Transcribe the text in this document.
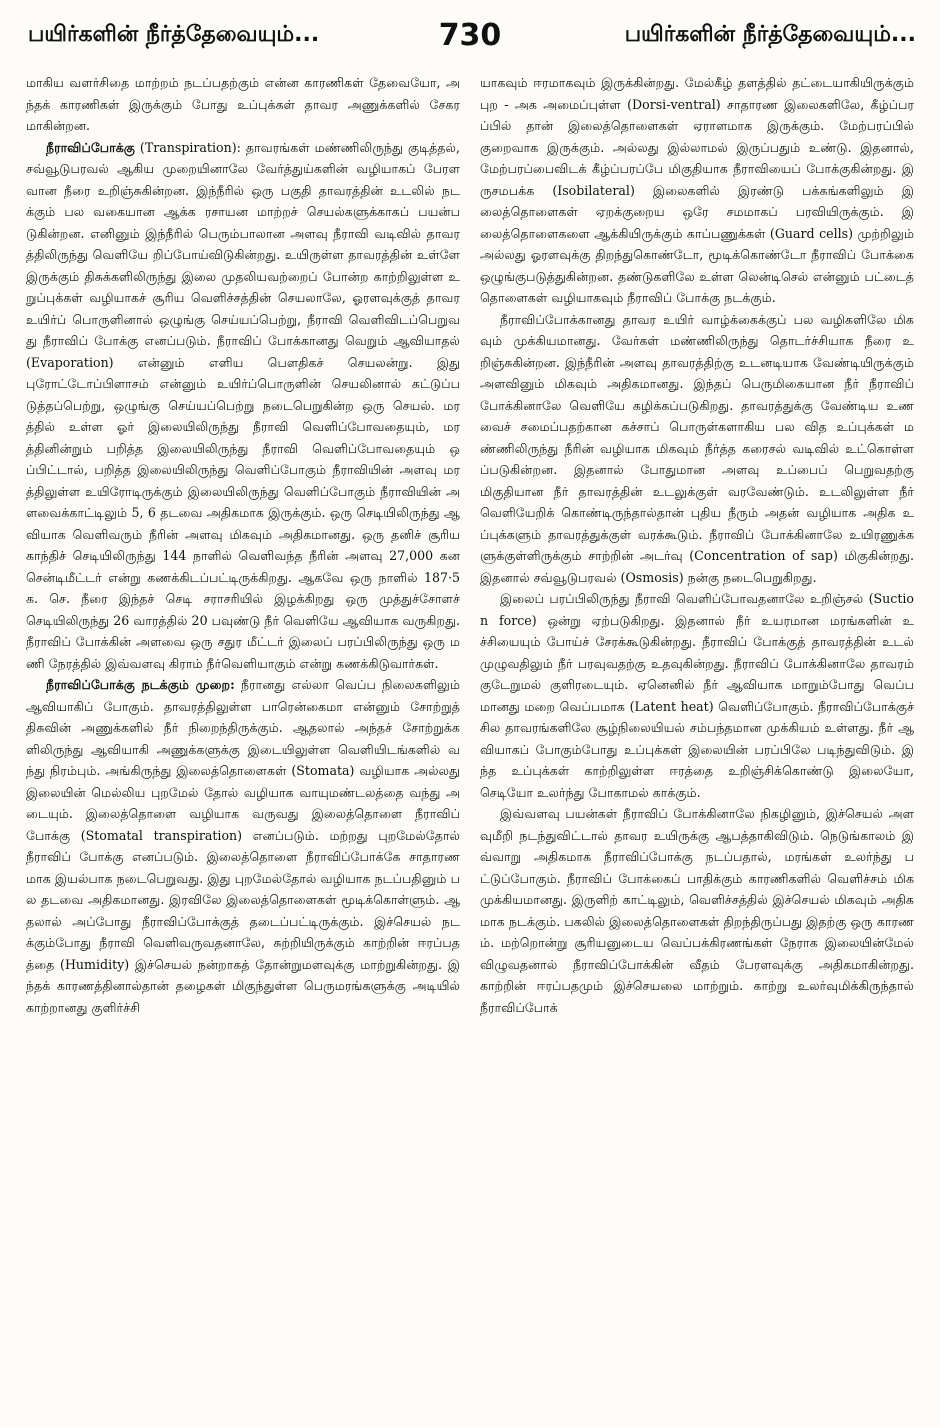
பயிர்களின் நீர்த்தேவையும்...	730	பயிர்களின் நீர்த்தேவையும்...

மாகிய வளர்சிதை மாற்றம் நடப்பதற்கும் என்ன காரணிகள் தேவையோ, அந்தக் காரணிகள் இருக்கும் போது உப்புக்கள் தாவர அணுக்களில் சேகரமாகின்றன.

நீராவிப்போக்கு (Transpiration): தாவரங்கள் மண்ணிலிருந்து குடித்தல், சவ்வூடுபரவல் ஆகிய முறையினாலே வேர்த்துய்களின் வழியாகப் பேரளவான நீரை உறிஞ்சுகின்றன. இந்நீரில் ஒரு பகுதி தாவரத்தின் உடலில் நடக்கும் பல வகையான ஆக்க ரசாயன மாற்றச் செயல்களுக்காகப் பயன்படுகின்றன. எனினும் இந்நீரில் பெரும்பாலான அளவு நீராவி வடிவில் தாவரத்திலிருந்து வெளியே றிப்போய்விடுகின்றது. உயிருள்ள தாவரத்தின் உள்ளே இருக்கும் திசுக்களிலிருந்து இலை முதலியவற்றைப் போன்ற காற்றிலுள்ள உறுப்புக்கள் வழியாகச் சூரிய வெளிச்சத்தின் செயலாலே, ஓரளவுக்குத் தாவர உயிர்ப் பொருளினால் ஒழுங்கு செய்யப்பெற்று, நீராவி வெளிவிடப்பெறுவது நீராவிப் போக்கு எனப்படும். நீராவிப் போக்கானது வெறும் ஆவியாதல் (Evaporation) என்னும் எளிய பௌதிகச் செயலன்று. இது புரோட்டோப்பிளாசம் என்னும் உயிர்ப்பொருளின் செயலினால் கட்டுப்படுத்தப்பெற்று, ஒழுங்கு செய்யப்பெற்று நடைபெறுகின்ற ஒரு செயல். மரத்தில் உள்ள ஓர் இலையிலிருந்து நீராவி வெளிப்போவதையும், மரத்தினின்றும் பறித்த இலையிலிருந்து நீராவி வெளிப்போவதையும் ஒப்பிட்டால், பறித்த இலையிலிருந்து வெளிப்போகும் நீராவியின் அளவு மரத்திலுள்ள உயிரோடிருக்கும் இலையிலிருந்து வெளிப்போகும் நீராவியின் அளவைக்காட்டிலும் 5, 6 தடவை அதிகமாக இருக்கும். ஒரு செடியிலிருந்து ஆவியாக வெளிவரும் நீரின் அளவு மிகவும் அதிகமானது. ஒரு தனிச் சூரியகாந்திச் செடியிலிருந்து 144 நாளில் வெளிவந்த நீரின் அளவு 27,000 கன சென்டிமீட்டர் என்று கணக்கிடப்பட்டிருக்கிறது. ஆகவே ஒரு நாளில் 187·5 க. செ. நீரை இந்தச் செடி சராசரியில் இழக்கிறது ஒரு முத்துச்சோளச் செடியிலிருந்து 26 வாரத்தில் 20 பவுண்டு நீர் வெளியே ஆவியாக வருகிறது. நீராவிப் போக்கின் அளவை ஒரு சதுர மீட்டர் இலைப் பரப்பிலிருந்து ஒரு மணி நேரத்தில் இவ்வளவு கிராம் நீர்வெளியாகும் என்று கணக்கிடுவார்கள்.

நீராவிப்போக்கு நடக்கும் முறை: நீரானது எல்லா வெப்ப நிலைகளிலும் ஆவியாகிப் போகும். தாவரத்திலுள்ள பாரென்கைமா என்னும் சோற்றுத் திசுவின் அணுக்களில் நீர் நிறைந்திருக்கும். ஆதலால் அந்தச் சோற்றுக்களிலிருந்து ஆவியாகி அணுக்களுக்கு இடையிலுள்ள வெளியிடங்களில் வந்து நிரம்பும். அங்கிருந்து இலைத்தொளைகள் (Stomata) வழியாக அல்லது இலையின் மெல்லிய புறமேல் தோல் வழியாக வாயுமண்டலத்தை வந்து அடையும். இலைத்தொளை வழியாக வருவது இலைத்தொளை நீராவிப் போக்கு (Stomatal transpiration) எனப்படும். மற்றது புறமேல்தோல் நீராவிப் போக்கு எனப்படும். இலைத்தொளை நீராவிப்போக்கே சாதாரணமாக இயல்பாக நடைபெறுவது. இது புறமேல்தோல் வழியாக நடப்பதினும் பல தடவை அதிகமானது. இரவிலே இலைத்தொளைகள் மூடிக்கொள்ளும். ஆதலால் அப்போது நீராவிப்போக்குத் தடைப்பட்டிருக்கும். இச்செயல் நடக்கும்போது நீராவி வெளிவருவதனாலே, சுற்றியிருக்கும் காற்றின் ஈரப்பதத்தை (Humidity) இச்செயல் நன்றாகத் தோன்றுமளவுக்கு மாற்றுகின்றது. இந்தக் காரணத்தினால்தான் தழைகள் மிகுந்துள்ள பெருமரங்களுக்கு அடியில் காற்றானது குளிர்ச்சி

யாகவும் ஈரமாகவும் இருக்கின்றது. மேல்கீழ் தளத்தில் தட்டையாகியிருக்கும் புற - அக அமைப்புள்ள (Dorsi-ventral) சாதாரண இலைகளிலே, கீழ்ப்பரப்பில் தான் இலைத்தொளைகள் ஏராளமாக இருக்கும். மேற்பரப்பில் குறைவாக இருக்கும். அல்லது இல்லாமல் இருப்பதும் உண்டு. இதனால், மேற்பரப்பைவிடக் கீழ்ப்பரப்பே மிகுதியாக நீராவியைப் போக்குகின்றது. இருசமபக்க (Isobilateral) இலைகளில் இரண்டு பக்கங்களிலும் இலைத்தொளைகள் ஏறக்குறைய ஒரே சமமாகப் பரவியிருக்கும். இலைத்தொளைகளை ஆக்கியிருக்கும் காப்பணுக்கள் (Guard cells) முற்றிலும் அல்லது ஓரளவுக்கு திறந்துகொண்டோ, மூடிக்கொண்டோ நீராவிப் போக்கை ஒழுங்குபடுத்துகின்றன. தண்டுகளிலே உள்ள லென்டிசெல் என்னும் பட்டைத் தொளைகள் வழியாகவும் நீராவிப் போக்கு நடக்கும்.

நீராவிப்போக்கானது தாவர உயிர் வாழ்க்கைக்குப் பல வழிகளிலே மிகவும் முக்கியமானது. வேர்கள் மண்ணிலிருந்து தொடர்ச்சியாக நீரை உறிஞ்சுகின்றன. இந்நீரின் அளவு தாவரத்திற்கு உடனடியாக வேண்டியிருக்கும் அளவினும் மிகவும் அதிகமானது. இந்தப் பெருமிகையான நீர் நீராவிப் போக்கினாலே வெளியே கழிக்கப்படுகிறது. தாவரத்துக்கு வேண்டிய உணவைச் சமைப்பதற்கான கச்சாப் பொருள்களாகிய பல வித உப்புக்கள் மண்ணிலிருந்து நீரின் வழியாக மிகவும் நீர்த்த கரைசல் வடிவில் உட்கொள்ளப்படுகின்றன. இதனால் போதுமான அளவு உப்பைப் பெறுவதற்கு மிகுதியான நீர் தாவரத்தின் உடலுக்குள் வரவேண்டும். உடலிலுள்ள நீர் வெளியேறிக் கொண்டிருந்தால்தான் புதிய நீரும் அதன் வழியாக அதிக உப்புக்களும் தாவரத்துக்குள் வரக்கூடும். நீராவிப் போக்கினாலே உயிரணுக்களுக்குள்ளிருக்கும் சாற்றின் அடர்வு (Concentration of sap) மிகுகின்றது. இதனால் சவ்வூடுபரவல் (Osmosis) நன்கு நடைபெறுகிறது.

இலைப் பரப்பிலிருந்து நீராவி வெளிப்போவதனாலே உறிஞ்சல் (Suction force) ஒன்று ஏற்படுகிறது. இதனால் நீர் உயரமான மரங்களின் உச்சியையும் போய்ச் சேரக்கூடுகின்றது. நீராவிப் போக்குத் தாவரத்தின் உடல் முழுவதிலும் நீர் பரவுவதற்கு உதவுகின்றது. நீராவிப் போக்கினாலே தாவரம் குடேறுமல் குளிரடையும். ஏனெனில் நீர் ஆவியாக மாறும்போது வெப்பமானது மறை வெப்பமாக (Latent heat) வெளிப்போகும். நீராவிப்போக்குச் சில தாவரங்களிலே சூழ்நிலையியல் சம்பந்தமான முக்கியம் உள்ளது. நீர் ஆவியாகப் போகும்போது உப்புக்கள் இலையின் பரப்பிலே படிந்துவிடும். இந்த உப்புக்கள் காற்றிலுள்ள ஈரத்தை உறிஞ்சிக்கொண்டு இலையோ, செடியோ உலர்ந்து போகாமல் காக்கும்.

இவ்வளவு பயன்கள் நீராவிப் போக்கினாலே நிகழினும், இச்செயல் அளவுமீறி நடந்துவிட்டால் தாவர உயிருக்கு ஆபத்தாகிவிடும். நெடுங்காலம் இவ்வாறு அதிகமாக நீராவிப்போக்கு நடப்பதால், மரங்கள் உலர்ந்து பட்டுப்போகும். நீராவிப் போக்கைப் பாதிக்கும் காரணிகளில் வெளிச்சம் மிக முக்கியமானது. இருளிற் காட்டிலும், வெளிச்சத்தில் இச்செயல் மிகவும் அதிகமாக நடக்கும். பகலில் இலைத்தொளைகள் திறந்திருப்பது இதற்கு ஒரு காரணம். மற்றொன்று சூரியனுடைய வெப்பக்கிரணங்கள் நேராக இலையின்மேல் விழுவதனால் நீராவிப்போக்கின் வீதம் பேரளவுக்கு அதிகமாகின்றது. காற்றின் ஈரப்பதமும் இச்செயலை மாற்றும். காற்று உலர்வுமிக்கிருந்தால் நீராவிப்போக்
